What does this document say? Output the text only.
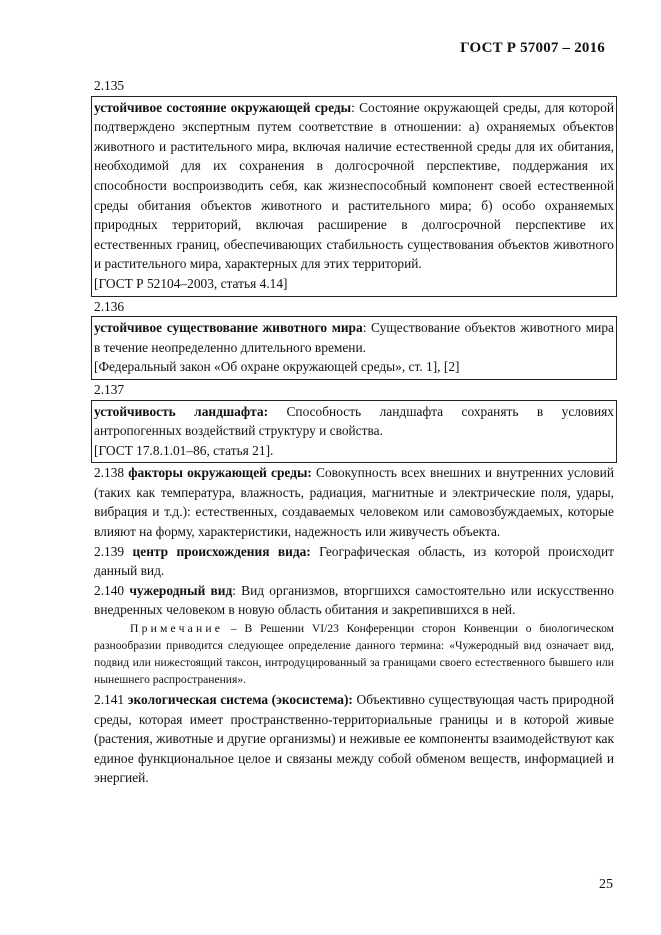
ГОСТ Р 57007 – 2016
2.135
устойчивое состояние окружающей среды: Состояние окружающей среды, для которой подтверждено экспертным путем соответствие в отношении: а) охраняемых объектов животного и растительного мира, включая наличие естественной среды для их обитания, необходимой для их сохранения в долгосрочной перспективе, поддержания их способности воспроизводить себя, как жизнеспособный компонент своей естественной среды обитания объектов животного и растительного мира; б) особо охраняемых природных территорий, включая расширение в долгосрочной перспективе их естественных границ, обеспечивающих стабильность существования объектов животного и растительного мира, характерных для этих территорий.
[ГОСТ Р 52104–2003, статья 4.14]
2.136
устойчивое существование животного мира: Существование объектов животного мира в течение неопределенно длительного времени.
[Федеральный закон «Об охране окружающей среды», ст. 1], [2]
2.137
устойчивость ландшафта: Способность ландшафта сохранять в условиях антропогенных воздействий структуру и свойства.
[ГОСТ 17.8.1.01–86, статья 21].
2.138 факторы окружающей среды: Совокупность всех внешних и внутренних условий (таких как температура, влажность, радиация, магнитные и электрические поля, удары, вибрация и т.д.): естественных, создаваемых человеком или самовозбуждаемых, которые влияют на форму, характеристики, надежность или живучесть объекта.
2.139 центр происхождения вида: Географическая область, из которой происходит данный вид.
2.140 чужеродный вид: Вид организмов, вторгшихся самостоятельно или искусственно внедренных человеком в новую область обитания и закрепившихся в ней.
Примечание – В Решении VI/23 Конференции сторон Конвенции о биологическом разнообразии приводится следующее определение данного термина: «Чужеродный вид означает вид, подвид или нижестоящий таксон, интродуцированный за границами своего естественного бывшего или нынешнего распространения».
2.141 экологическая система (экосистема): Объективно существующая часть природной среды, которая имеет пространственно-территориальные границы и в которой живые (растения, животные и другие организмы) и неживые ее компоненты взаимодействуют как единое функциональное целое и связаны между собой обменом веществ, информацией и энергией.
25
